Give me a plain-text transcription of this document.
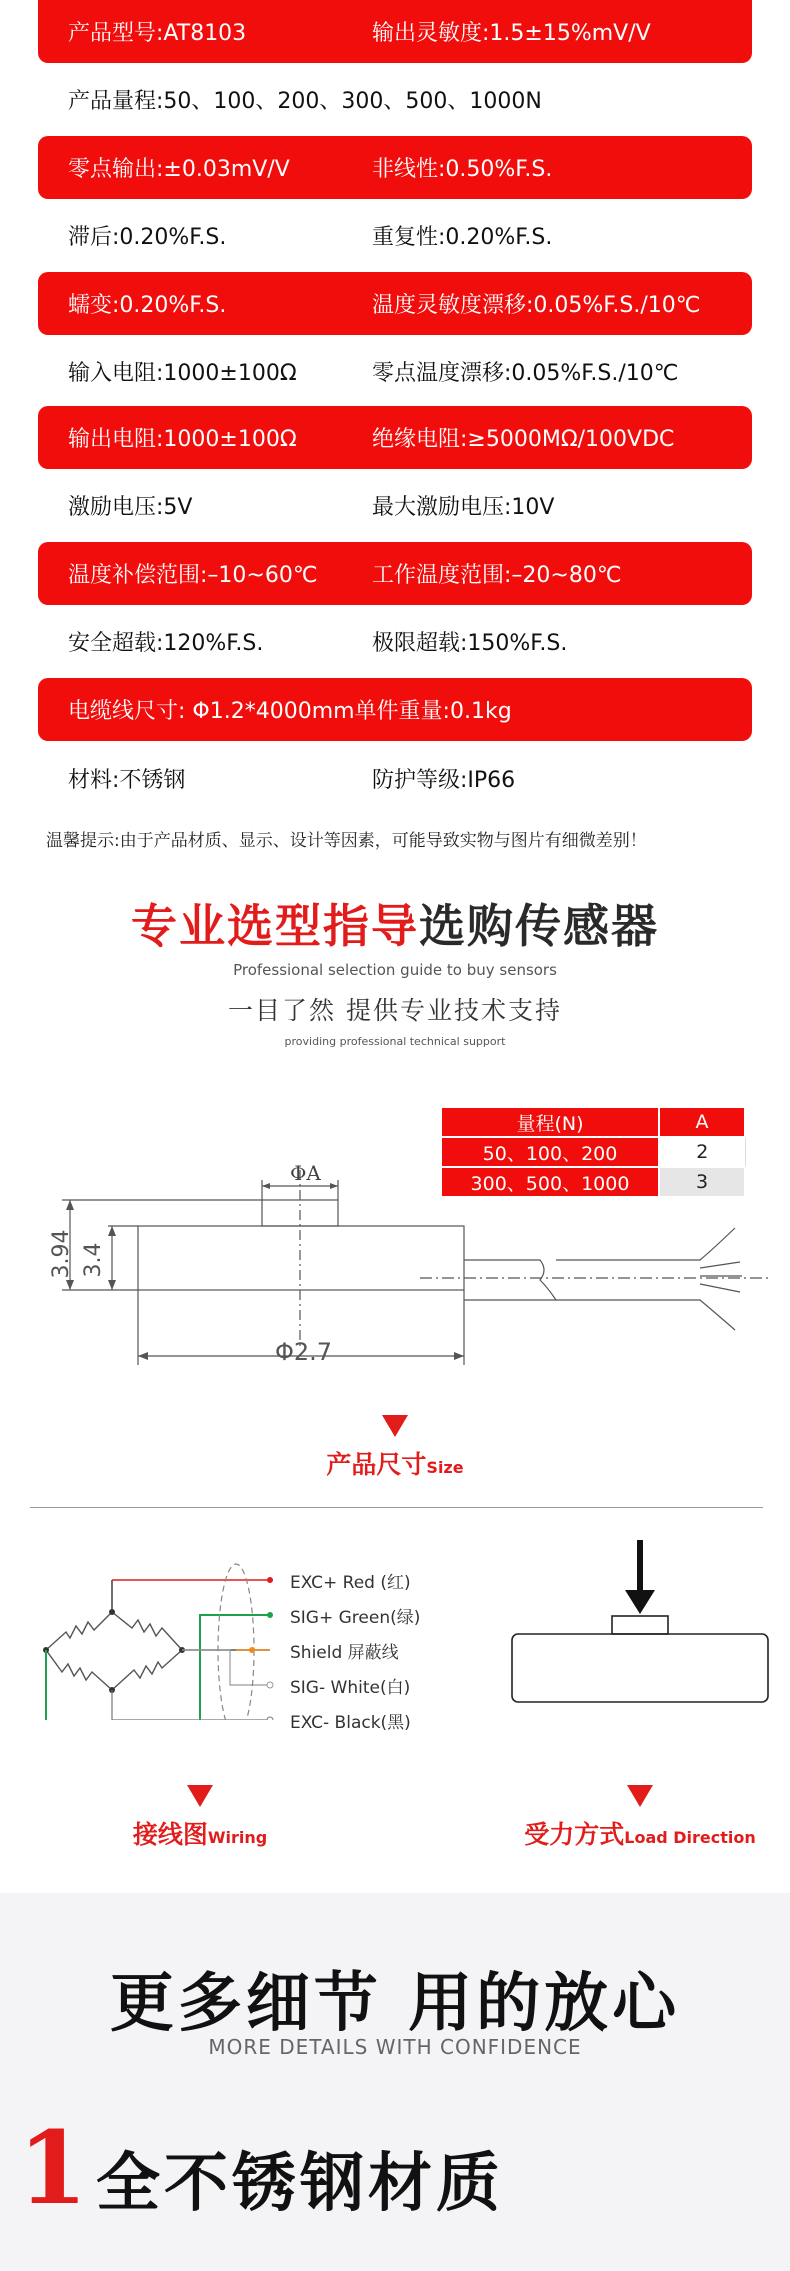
产品型号:AT8103	输出灵敏度:1.5±15%mV/V
产品量程:50、100、200、300、500、1000N
零点输出:±0.03mV/V	非线性:0.50%F.S.
滞后:0.20%F.S.	重复性:0.20%F.S.
蠕变:0.20%F.S.	温度灵敏度漂移:0.05%F.S./10℃
输入电阻:1000±100Ω	零点温度漂移:0.05%F.S./10℃
输出电阻:1000±100Ω	绝缘电阻:≥5000MΩ/100VDC
激励电压:5V	最大激励电压:10V
温度补偿范围:–10~60℃ 工作温度范围:–20~80℃
安全超载:120%F.S.	极限超载:150%F.S.
电缆线尺寸: Φ1.2*4000mm单件重量:0.1kg
材料:不锈钢	防护等级:IP66
温馨提示:由于产品材质、显示、设计等因素，可能导致实物与图片有细微差别！
专业选型指导选购传感器
Professional selection guide to buy sensors
一目了然 提供专业技术支持
providing professional technical support
量程(N)	A
50、100、200	2
300、500、1000	3
ΦA
3.94 3.4
Φ2.7
产品尺寸Size
EXC+ Red (红)
SIG+ Green(绿)
Shield 屏蔽线
SIG- White(白)
EXC- Black(黑)
接线图Wiring	受力方式Load Direction
更多细节 用的放心
MORE DETAILS WITH CONFIDENCE
1 全不锈钢材质
